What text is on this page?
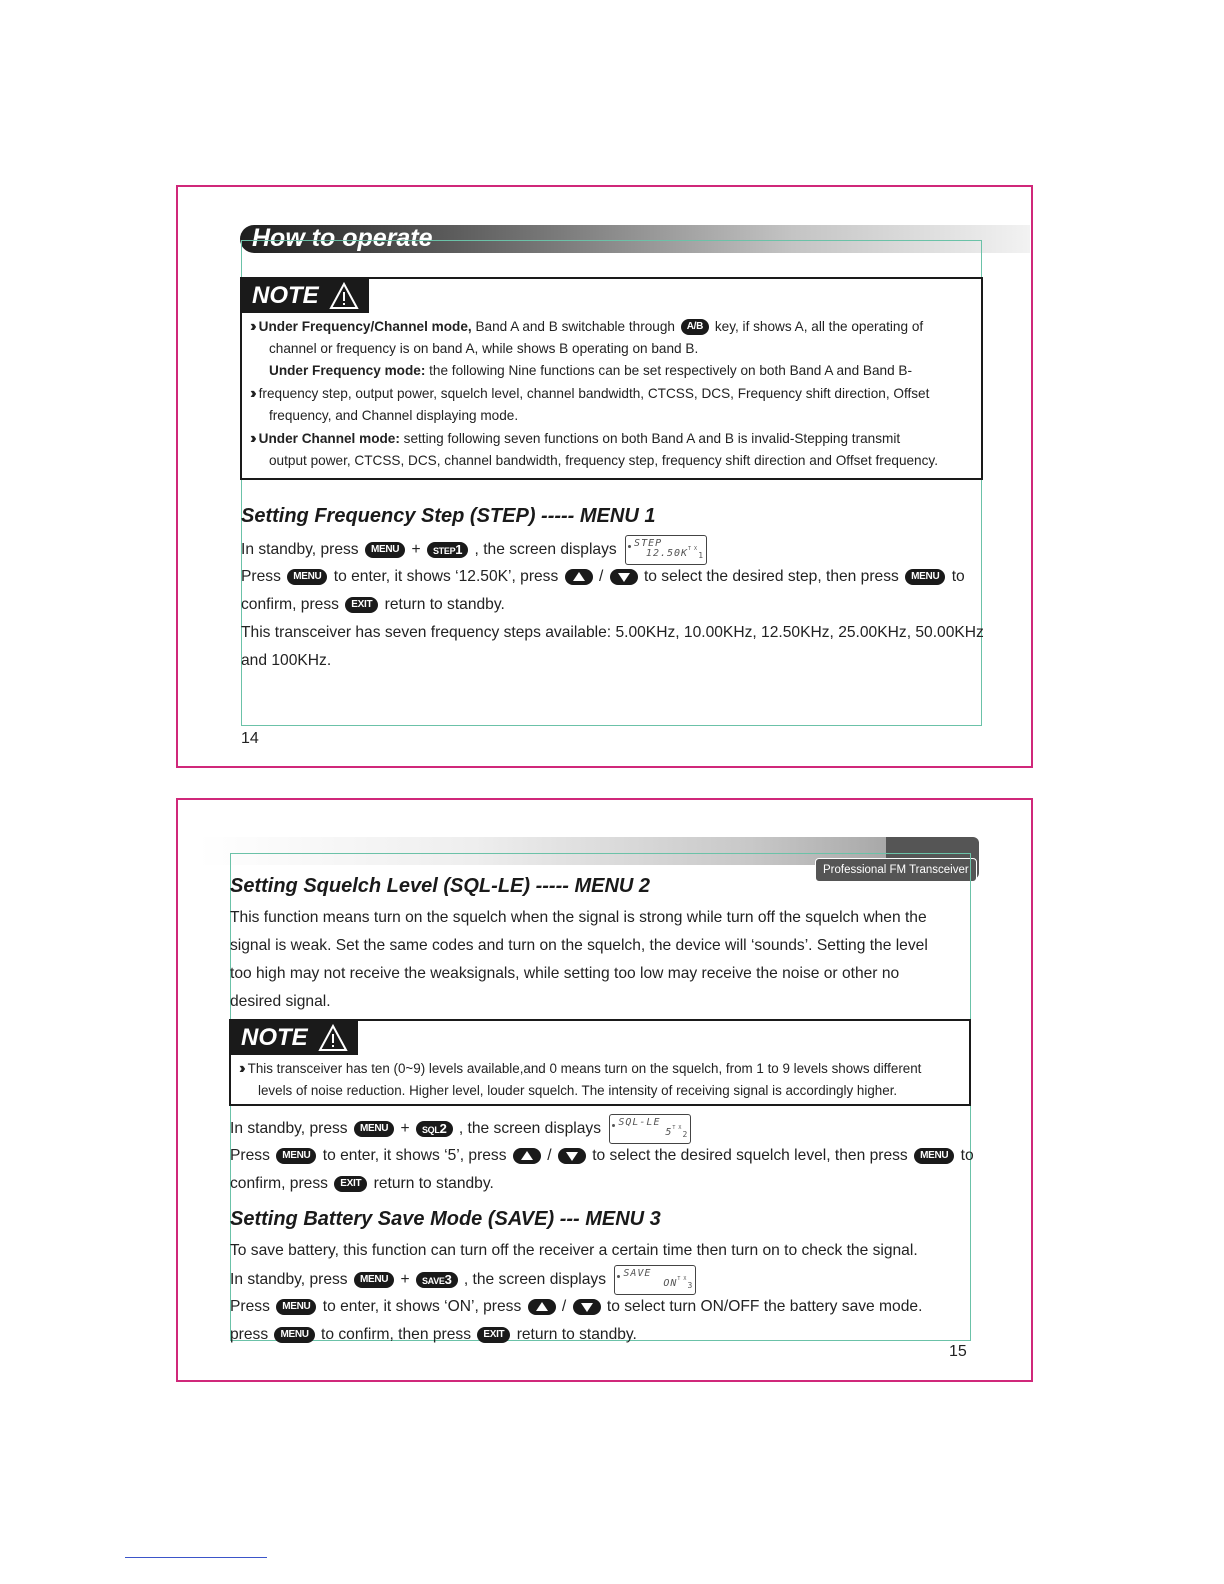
How to operate
NOTE
›› Under Frequency/Channel mode, Band A and B switchable through A/B key, if shows A, all the operating of
channel or frequency is on band A, while shows B operating on band B.
Under Frequency mode: the following Nine functions can be set respectively on both Band A and Band B-
›› frequency step, output power, squelch level, channel bandwidth, CTCSS, DCS, Frequency shift direction, Offset
frequency, and Channel displaying mode.
›› Under Channel mode: setting following seven functions on both Band A and B is invalid-Stepping transmit
output power, CTCSS, DCS, channel bandwidth, frequency step, frequency shift direction and Offset frequency.
Setting Frequency Step (STEP) ----- MENU 1
In standby, press MENU + STEP1 , the screen displays	TX
STEP
12.50K 1
Press MENU to enter, it shows ‘12.50K’, press  /  to select the desired step, then press MENU to
confirm, press EXIT return to standby.
This transceiver has seven frequency steps available: 5.00KHz, 10.00KHz, 12.50KHz, 25.00KHz, 50.00KHz
and 100KHz.
14
Professional FM Transceiver
Setting Squelch Level (SQL-LE) ----- MENU 2
This function means turn on the squelch when the signal is strong while turn off the squelch when the
signal is weak. Set the same codes and turn on the squelch, the device will ‘sounds’. Setting the level
too high may not receive the weaksignals, while setting too low may receive the noise or other no
desired signal.
NOTE
›› This transceiver has ten (0~9) levels available,and 0 means turn on the squelch, from 1 to 9 levels shows different
levels of noise reduction. Higher level, louder squelch. The intensity of receiving signal is accordingly higher.
In standby, press MENU + SQL2 , the screen displays	TX
SQL-LE
5 2
Press MENU to enter, it shows ‘5’, press  /  to select the desired squelch level, then press MENU to
confirm, press EXIT return to standby.
Setting Battery Save Mode (SAVE) --- MENU 3
To save battery, this function can turn off the receiver a certain time then turn on to check the signal.
In standby, press MENU + SAVE3 , the screen displays	TX
SAVE
ON 3
Press MENU to enter, it shows ‘ON’, press  /  to select turn ON/OFF the battery save mode.
press MENU to confirm, then press EXIT return to standby.
15
